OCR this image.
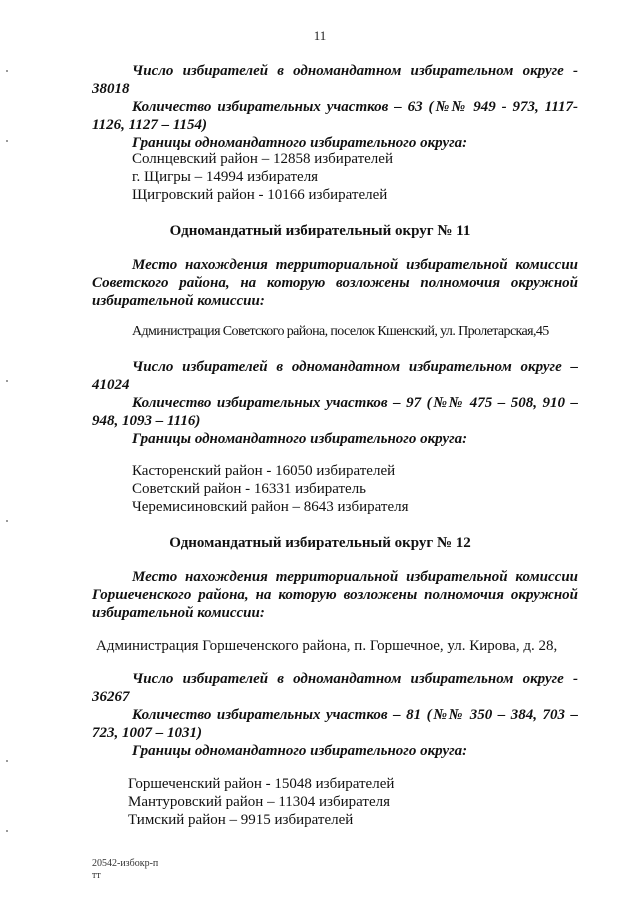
11

Число избирателей в одномандатном избирательном округе - 38018

Количество избирательных участков – 63 (№№ 949 - 973, 1117-1126, 1127 – 1154)

Границы одномандатного избирательного округа:

Солнцевский район – 12858 избирателей
г. Щигры – 14994 избирателя
Щигровский район - 10166 избирателей
Одномандатный избирательный округ № 11

Место нахождения территориальной избирательной комиссии Советского района, на которую возложены полномочия окружной избирательной комиссии:

Администрация Советского района, поселок Кшенский, ул. Пролетарская,45

Число избирателей в одномандатном избирательном округе – 41024

Количество избирательных участков – 97 (№№ 475 – 508, 910 – 948, 1093 – 1116)

Границы одномандатного избирательного округа:

Касторенский район - 16050 избирателей
Советский район - 16331 избиратель
Черемисиновский район – 8643 избирателя
Одномандатный избирательный округ № 12

Место нахождения территориальной избирательной комиссии Горшеченского района, на которую возложены полномочия окружной избирательной комиссии:

Администрация Горшеченского района, п. Горшечное, ул. Кирова, д. 28,

Число избирателей в одномандатном избирательном округе - 36267

Количество избирательных участков – 81 (№№ 350 – 384, 703 – 723, 1007 – 1031)

Границы одномандатного избирательного округа:

Горшеченский район - 15048 избирателей
Мантуровский район – 11304 избирателя
Тимский район – 9915 избирателей
20542-избокр-п
тт
